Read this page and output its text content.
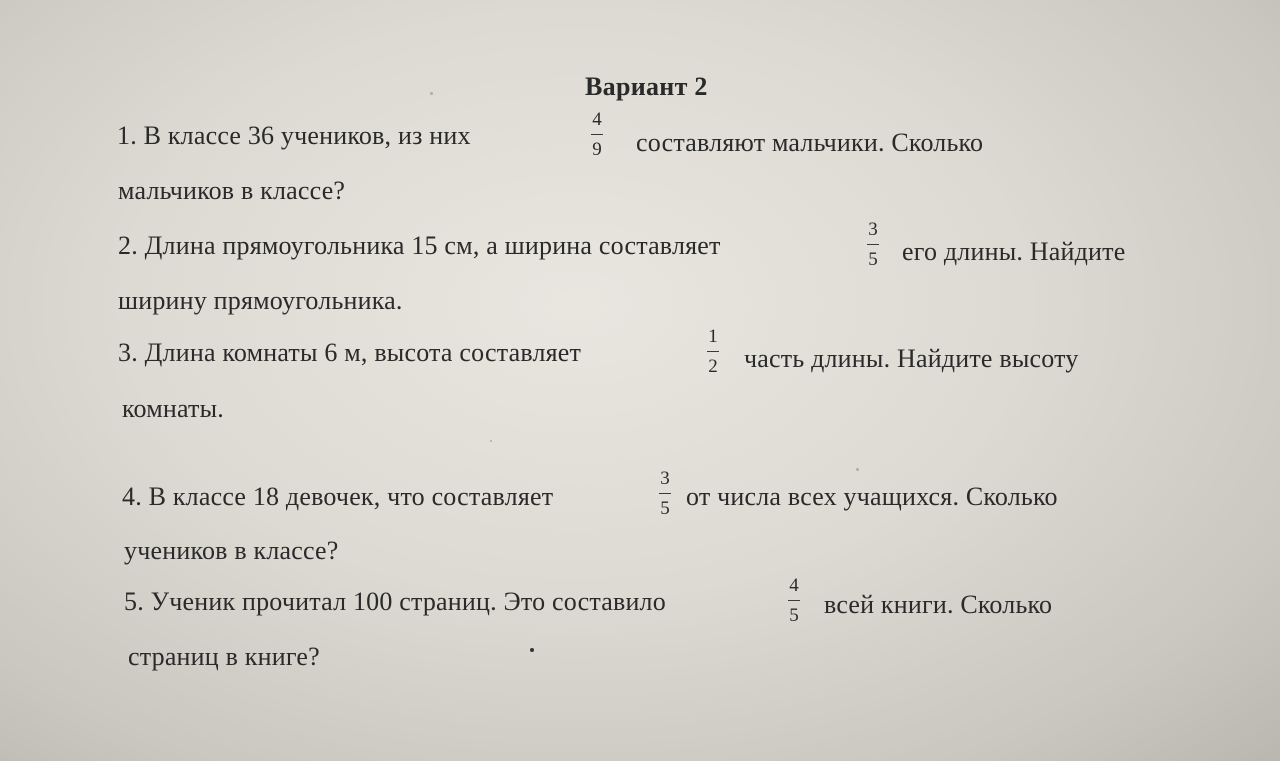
Вариант 2
1. В классе 36 учеников, из них
4
9	составляют мальчики. Сколько
мальчиков в классе?
2. Длина прямоугольника 15 см, а ширина составляет
3
5 его длины. Найдите
ширину прямоугольника.
3. Длина комнаты 6 м, высота составляет
1
2	часть длины. Найдите высоту
комнаты.
4. В классе 18 девочек, что составляет
3
5 от числа всех учащихся. Сколько
учеников в классе?
5. Ученик прочитал 100 страниц. Это составило
4
5 всей книги. Сколько
страниц в книге?
